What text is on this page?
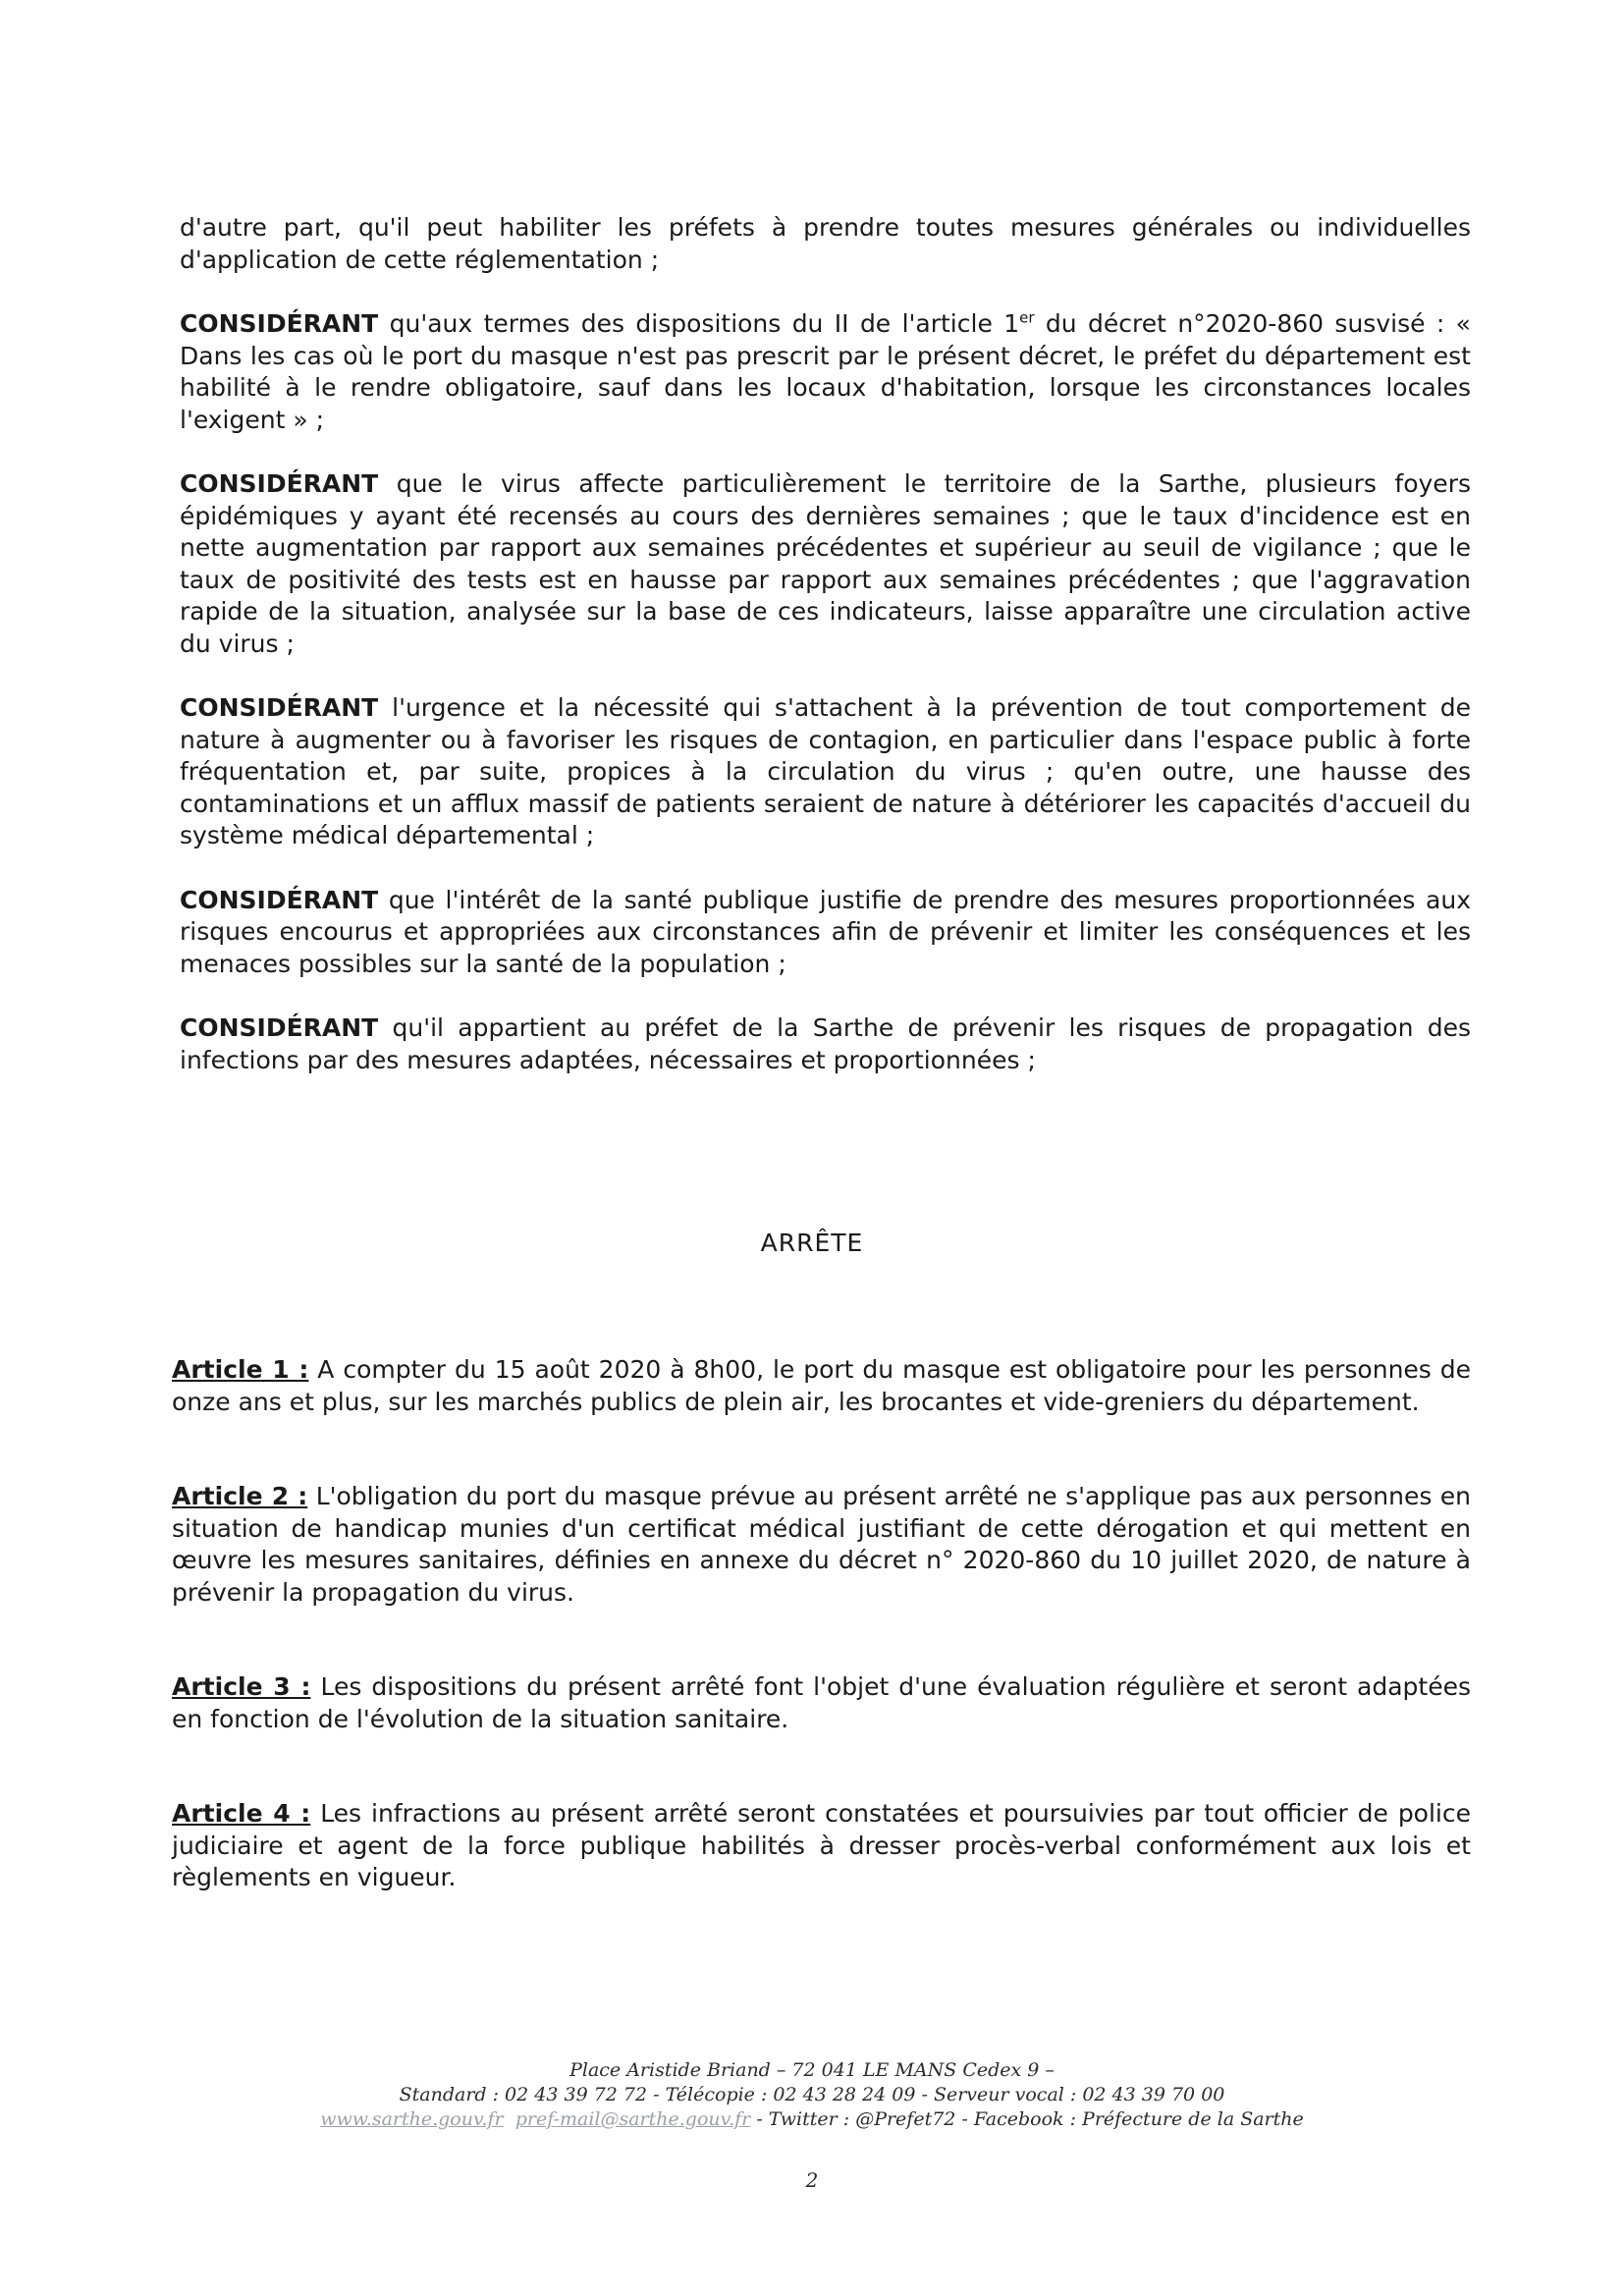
d'autre part, qu'il peut habiliter les préfets à prendre toutes mesures générales ou individuelles d'application de cette réglementation ;

CONSIDÉRANT qu'aux termes des dispositions du II de l'article 1er du décret n°2020-860 susvisé : « Dans les cas où le port du masque n'est pas prescrit par le présent décret, le préfet du département est habilité à le rendre obligatoire, sauf dans les locaux d'habitation, lorsque les circonstances locales l'exigent » ;

CONSIDÉRANT que le virus affecte particulièrement le territoire de la Sarthe, plusieurs foyers épidémiques y ayant été recensés au cours des dernières semaines ; que le taux d'incidence est en nette augmentation par rapport aux semaines précédentes et supérieur au seuil de vigilance ; que le taux de positivité des tests est en hausse par rapport aux semaines précédentes ; que l'aggravation rapide de la situation, analysée sur la base de ces indicateurs, laisse apparaître une circulation active du virus ;

CONSIDÉRANT l'urgence et la nécessité qui s'attachent à la prévention de tout comportement de nature à augmenter ou à favoriser les risques de contagion, en particulier dans l'espace public à forte fréquentation et, par suite, propices à la circulation du virus ; qu'en outre, une hausse des contaminations et un afflux massif de patients seraient de nature à détériorer les capacités d'accueil du système médical départemental ;

CONSIDÉRANT que l'intérêt de la santé publique justifie de prendre des mesures proportionnées aux risques encourus et appropriées aux circonstances afin de prévenir et limiter les conséquences et les menaces possibles sur la santé de la population ;

CONSIDÉRANT qu'il appartient au préfet de la Sarthe de prévenir les risques de propagation des infections par des mesures adaptées, nécessaires et proportionnées ;

ARRÊTE

Article 1 : A compter du 15 août 2020 à 8h00, le port du masque est obligatoire pour les personnes de onze ans et plus, sur les marchés publics de plein air, les brocantes et vide-greniers du département.

Article 2 : L'obligation du port du masque prévue au présent arrêté ne s'applique pas aux personnes en situation de handicap munies d'un certificat médical justifiant de cette dérogation et qui mettent en œuvre les mesures sanitaires, définies en annexe du décret n° 2020-860 du 10 juillet 2020, de nature à prévenir la propagation du virus.

Article 3 : Les dispositions du présent arrêté font l'objet d'une évaluation régulière et seront adaptées en fonction de l'évolution de la situation sanitaire.

Article 4 : Les infractions au présent arrêté seront constatées et poursuivies par tout officier de police judiciaire et agent de la force publique habilités à dresser procès-verbal conformément aux lois et règlements en vigueur.

Place Aristide Briand – 72 041 LE MANS Cedex 9 –

Standard : 02 43 39 72 72 - Télécopie : 02 43 28 24 09 - Serveur vocal : 02 43 39 70 00

www.sarthe.gouv.fr pref-mail@sarthe.gouv.fr - Twitter : @Prefet72 - Facebook : Préfecture de la Sarthe

2
